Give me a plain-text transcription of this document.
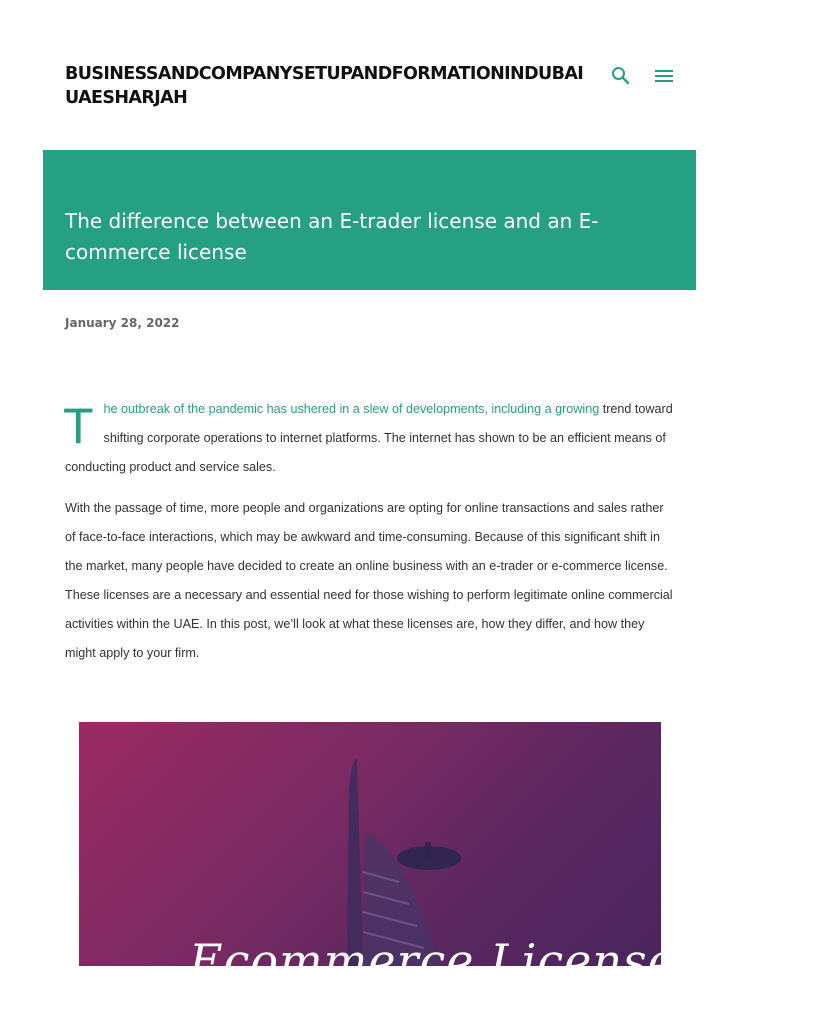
BUSINESSANDCOMPANYSETUPANDFORMATIONINDUBAIUAESHARJAH
The difference between an E-trader license and an E-commerce license
January 28, 2022

The outbreak of the pandemic has ushered in a slew of developments, including a growing trend toward shifting corporate operations to internet platforms. The internet has shown to be an efficient means of conducting product and service sales.

With the passage of time, more people and organizations are opting for online transactions and sales rather of face-to-face interactions, which may be awkward and time-consuming. Because of this significant shift in the market, many people have decided to create an online business with an e-trader or e-commerce license. These licenses are a necessary and essential need for those wishing to perform legitimate online commercial activities within the UAE. In this post, we’ll look at what these licenses are, how they differ, and how they might apply to your firm.

Ecommerce License Dubai
